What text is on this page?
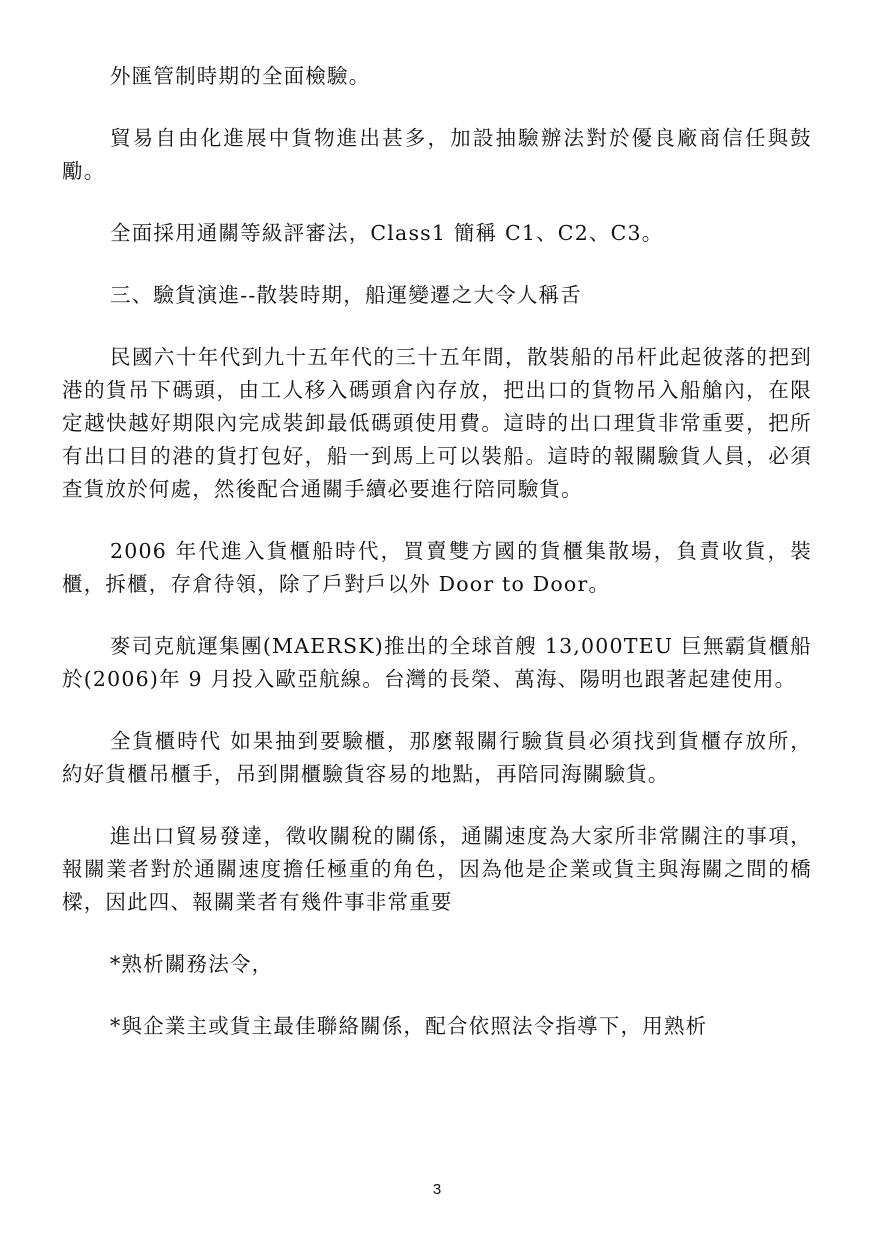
外匯管制時期的全面檢驗。

貿易自由化進展中貨物進出甚多，加設抽驗辦法對於優良廠商信任與鼓勵。

全面採用通關等級評審法，Class1 簡稱 C1、C2、C3。

三、驗貨演進--散裝時期，船運變遷之大令人稱舌

民國六十年代到九十五年代的三十五年間，散裝船的吊杆此起彼落的把到港的貨吊下碼頭，由工人移入碼頭倉內存放，把出口的貨物吊入船艙內，在限定越快越好期限內完成裝卸最低碼頭使用費。這時的出口理貨非常重要，把所有出口目的港的貨打包好，船一到馬上可以裝船。這時的報關驗貨人員，必須查貨放於何處，然後配合通關手續必要進行陪同驗貨。

2006 年代進入貨櫃船時代，買賣雙方國的貨櫃集散場，負責收貨，裝櫃，拆櫃，存倉待領，除了戶對戶以外 Door to Door。

麥司克航運集團(MAERSK)推出的全球首艘 13,000TEU 巨無霸貨櫃船於(2006)年 9 月投入歐亞航線。台灣的長榮、萬海、陽明也跟著起建使用。

全貨櫃時代 如果抽到要驗櫃，那麼報關行驗貨員必須找到貨櫃存放所，約好貨櫃吊櫃手，吊到開櫃驗貨容易的地點，再陪同海關驗貨。

進出口貿易發達，徵收關稅的關係，通關速度為大家所非常關注的事項，報關業者對於通關速度擔任極重的角色，因為他是企業或貨主與海關之間的橋樑，因此四、報關業者有幾件事非常重要

*熟析關務法令，

*與企業主或貨主最佳聯絡關係，配合依照法令指導下，用熟析

3
